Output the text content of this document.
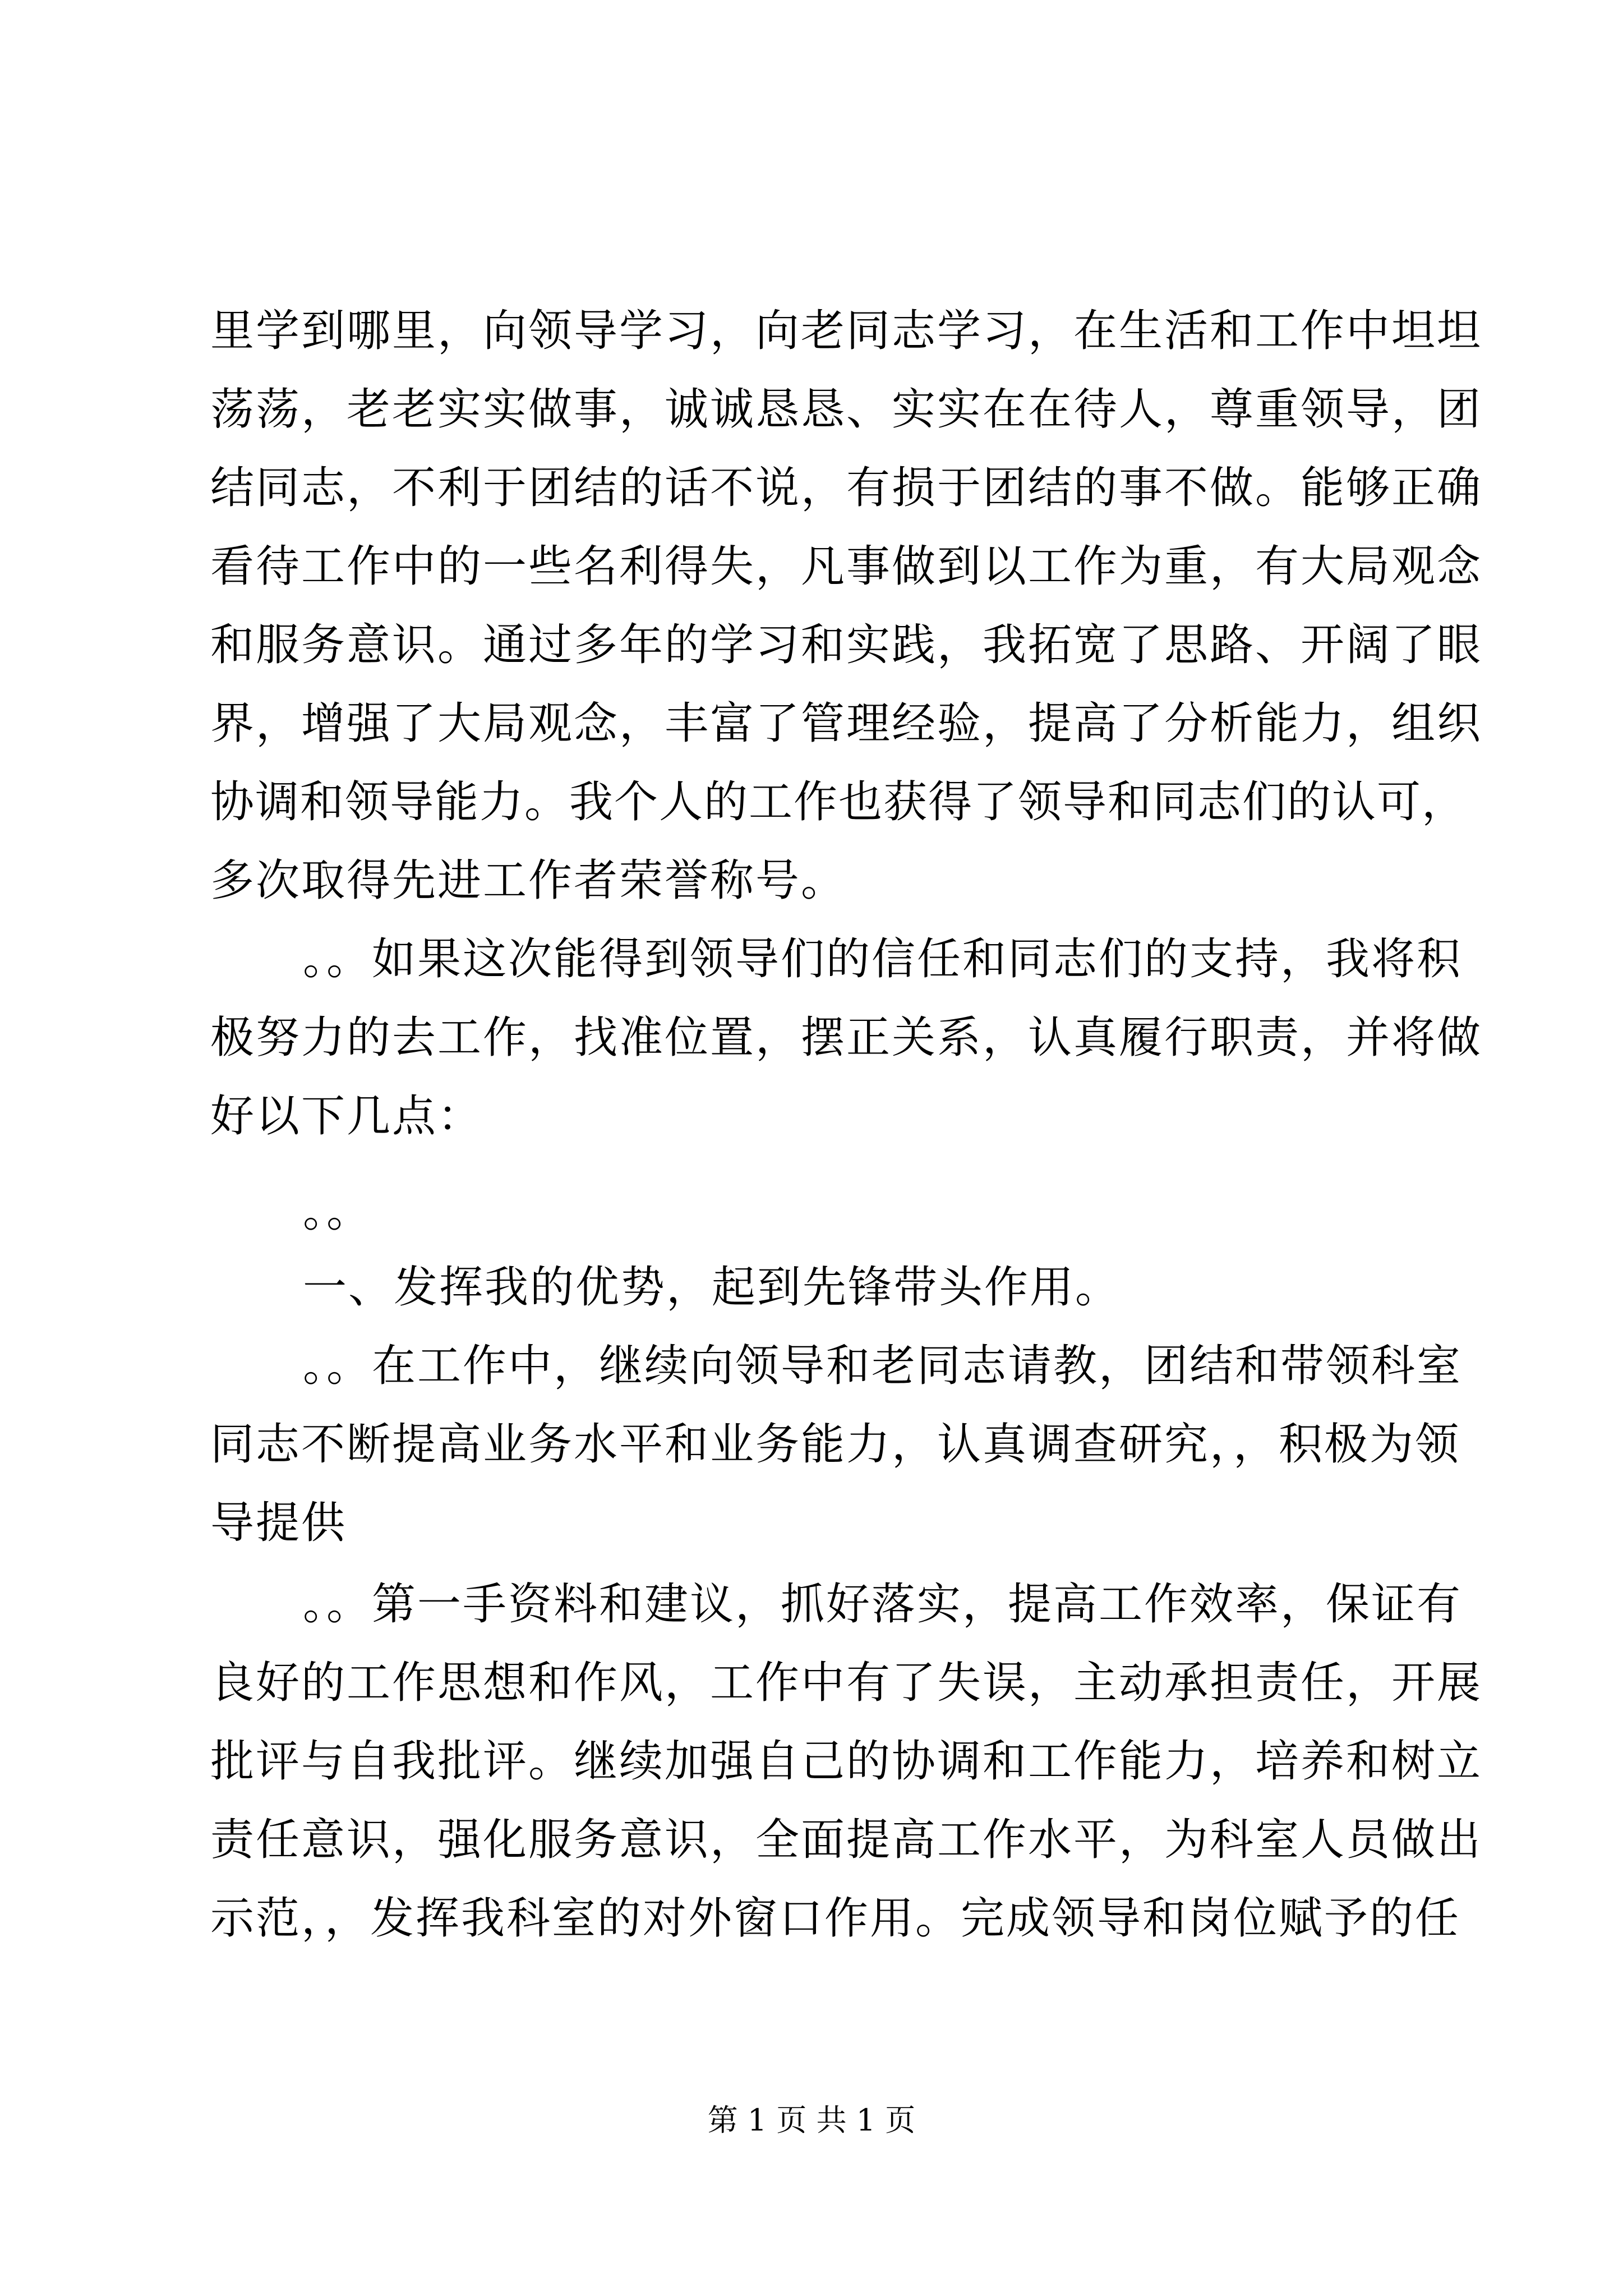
里学到哪里，向领导学习，向老同志学习，在生活和工作中坦坦
荡荡，老老实实做事，诚诚恳恳、实实在在待人，尊重领导，团
结同志，不利于团结的话不说，有损于团结的事不做。能够正确
看待工作中的一些名利得失，凡事做到以工作为重，有大局观念
和服务意识。通过多年的学习和实践，我拓宽了思路、开阔了眼
界，增强了大局观念，丰富了管理经验，提高了分析能力，组织
协调和领导能力。我个人的工作也获得了领导和同志们的认可，
多次取得先进工作者荣誉称号。
。。如果这次能得到领导们的信任和同志们的支持，我将积
极努力的去工作，找准位置，摆正关系，认真履行职责，并将做
好以下几点：
。。
一、发挥我的优势，起到先锋带头作用。
。。在工作中，继续向领导和老同志请教，团结和带领科室
同志不断提高业务水平和业务能力，认真调查研究，，积极为领
导提供
。。第一手资料和建议，抓好落实，提高工作效率，保证有
良好的工作思想和作风，工作中有了失误，主动承担责任，开展
批评与自我批评。继续加强自己的协调和工作能力，培养和树立
责任意识，强化服务意识，全面提高工作水平，为科室人员做出
示范，，发挥我科室的对外窗口作用。完成领导和岗位赋予的任
第 1 页 共 1 页
